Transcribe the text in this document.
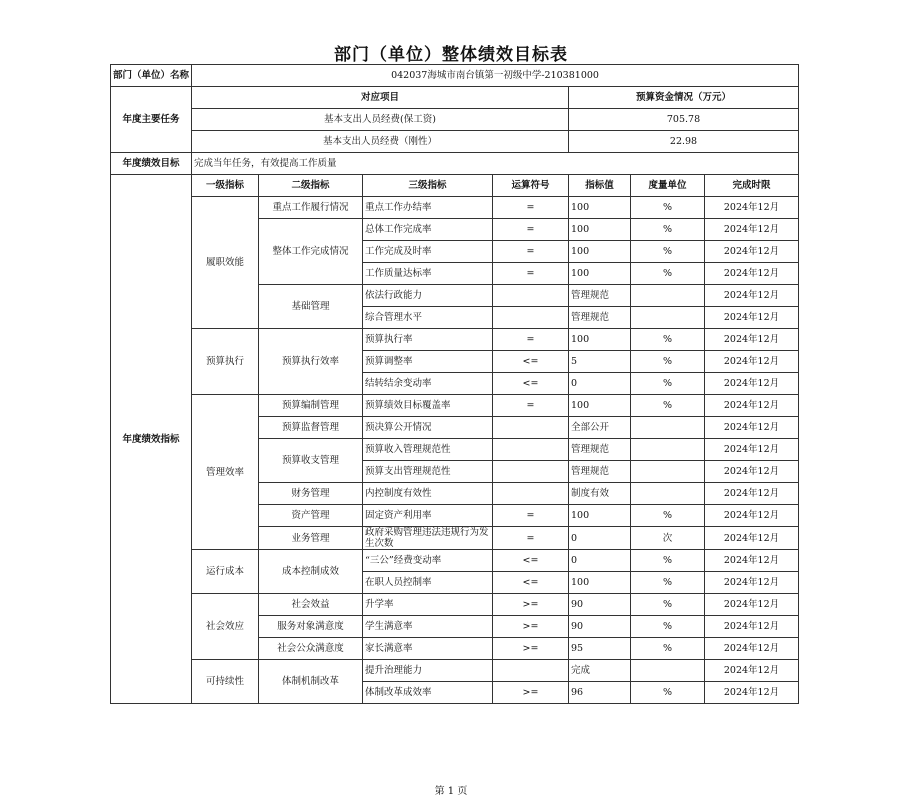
部门（单位）整体绩效目标表
部门（单位）名称	042037海城市南台镇第一初级中学-210381000						
年度主要任务	对应项目				预算资金情况（万元）		
	基本支出人员经费(保工资)				705.78		
	基本支出人员经费（刚性）				22.98		
年度绩效目标	完成当年任务，有效提高工作质量						
年度绩效指标	一级指标	二级指标	三级指标	运算符号	指标值	度量单位	完成时限
	履职效能	重点工作履行情况	重点工作办结率	=	100	%	2024年12月
		整体工作完成情况	总体工作完成率	=	100	%	2024年12月
			工作完成及时率	=	100	%	2024年12月
			工作质量达标率	=	100	%	2024年12月
		基础管理	依法行政能力		管理规范		2024年12月
			综合管理水平		管理规范		2024年12月
	预算执行	预算执行效率	预算执行率	=	100	%	2024年12月
			预算调整率	<=	5	%	2024年12月
			结转结余变动率	<=	0	%	2024年12月
	管理效率	预算编制管理	预算绩效目标覆盖率	=	100	%	2024年12月
		预算监督管理	预决算公开情况		全部公开		2024年12月
		预算收支管理	预算收入管理规范性		管理规范		2024年12月
			预算支出管理规范性		管理规范		2024年12月
		财务管理	内控制度有效性		制度有效		2024年12月
		资产管理	固定资产利用率	=	100	%	2024年12月
		业务管理	政府采购管理违法违规行为发生次数	=	0	次	2024年12月
	运行成本	成本控制成效	“三公”经费变动率	<=	0	%	2024年12月
			在职人员控制率	<=	100	%	2024年12月
	社会效应	社会效益	升学率	>=	90	%	2024年12月
		服务对象满意度	学生满意率	>=	90	%	2024年12月
		社会公众满意度	家长满意率	>=	95	%	2024年12月
	可持续性	体制机制改革	提升治理能力		完成		2024年12月
			体制改革成效率	>=	96	%	2024年12月
第 1 页
